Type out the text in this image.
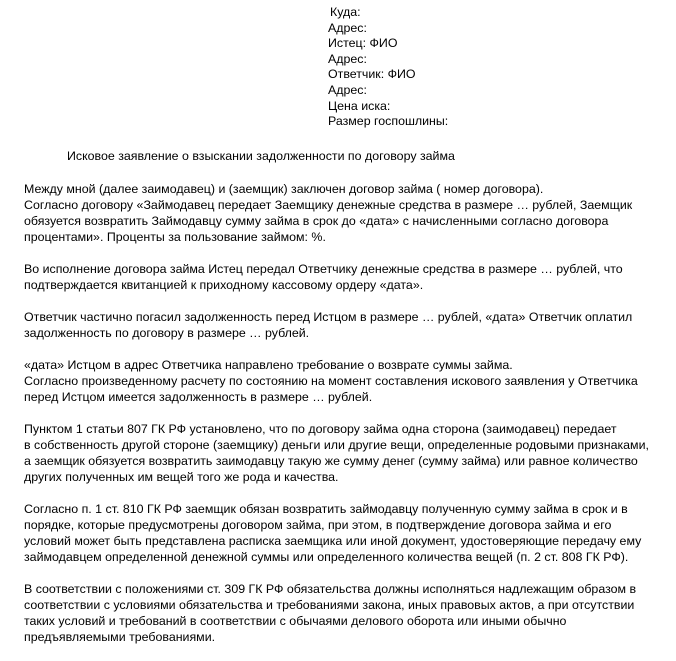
Куда:
Адрес:
Истец: ФИО
Адрес:
Ответчик: ФИО
Адрес:
Цена иска:
Размер госпошлины:
Исковое заявление о взыскании задолженности по договору займа
Между мной (далее заимодавец) и (заемщик) заключен договор займа ( номер договора).
Согласно договору «Займодавец передает Заемщику денежные средства в размере … рублей, Заемщик
обязуется возвратить Займодавцу сумму займа в срок до «дата» с начисленными согласно договора
процентами». Проценты за пользование займом: %.
Во исполнение договора займа Истец передал Ответчику денежные средства в размере … рублей, что
подтверждается квитанцией к приходному кассовому ордеру «дата».
Ответчик частично погасил задолженность перед Истцом в размере … рублей, «дата» Ответчик оплатил
задолженность по договору в размере … рублей.
«дата» Истцом в адрес Ответчика направлено требование о возврате суммы займа.
Согласно произведенному расчету по состоянию на момент составления искового заявления у Ответчика
перед Истцом имеется задолженность в размере … рублей.
Пунктом 1 статьи 807 ГК РФ установлено, что по договору займа одна сторона (заимодавец) передает
в собственность другой стороне (заемщику) деньги или другие вещи, определенные родовыми признаками,
а заемщик обязуется возвратить заимодавцу такую же сумму денег (сумму займа) или равное количество
других полученных им вещей того же рода и качества.
Согласно п. 1 ст. 810 ГК РФ заемщик обязан возвратить займодавцу полученную сумму займа в срок и в
порядке, которые предусмотрены договором займа, при этом, в подтверждение договора займа и его
условий может быть представлена расписка заемщика или иной документ, удостоверяющие передачу ему
займодавцем определенной денежной суммы или определенного количества вещей (п. 2 ст. 808 ГК РФ).
В соответствии с положениями ст. 309 ГК РФ обязательства должны исполняться надлежащим образом в
соответствии с условиями обязательства и требованиями закона, иных правовых актов, а при отсутствии
таких условий и требований в соответствии с обычаями делового оборота или иными обычно
предъявляемыми требованиями.
